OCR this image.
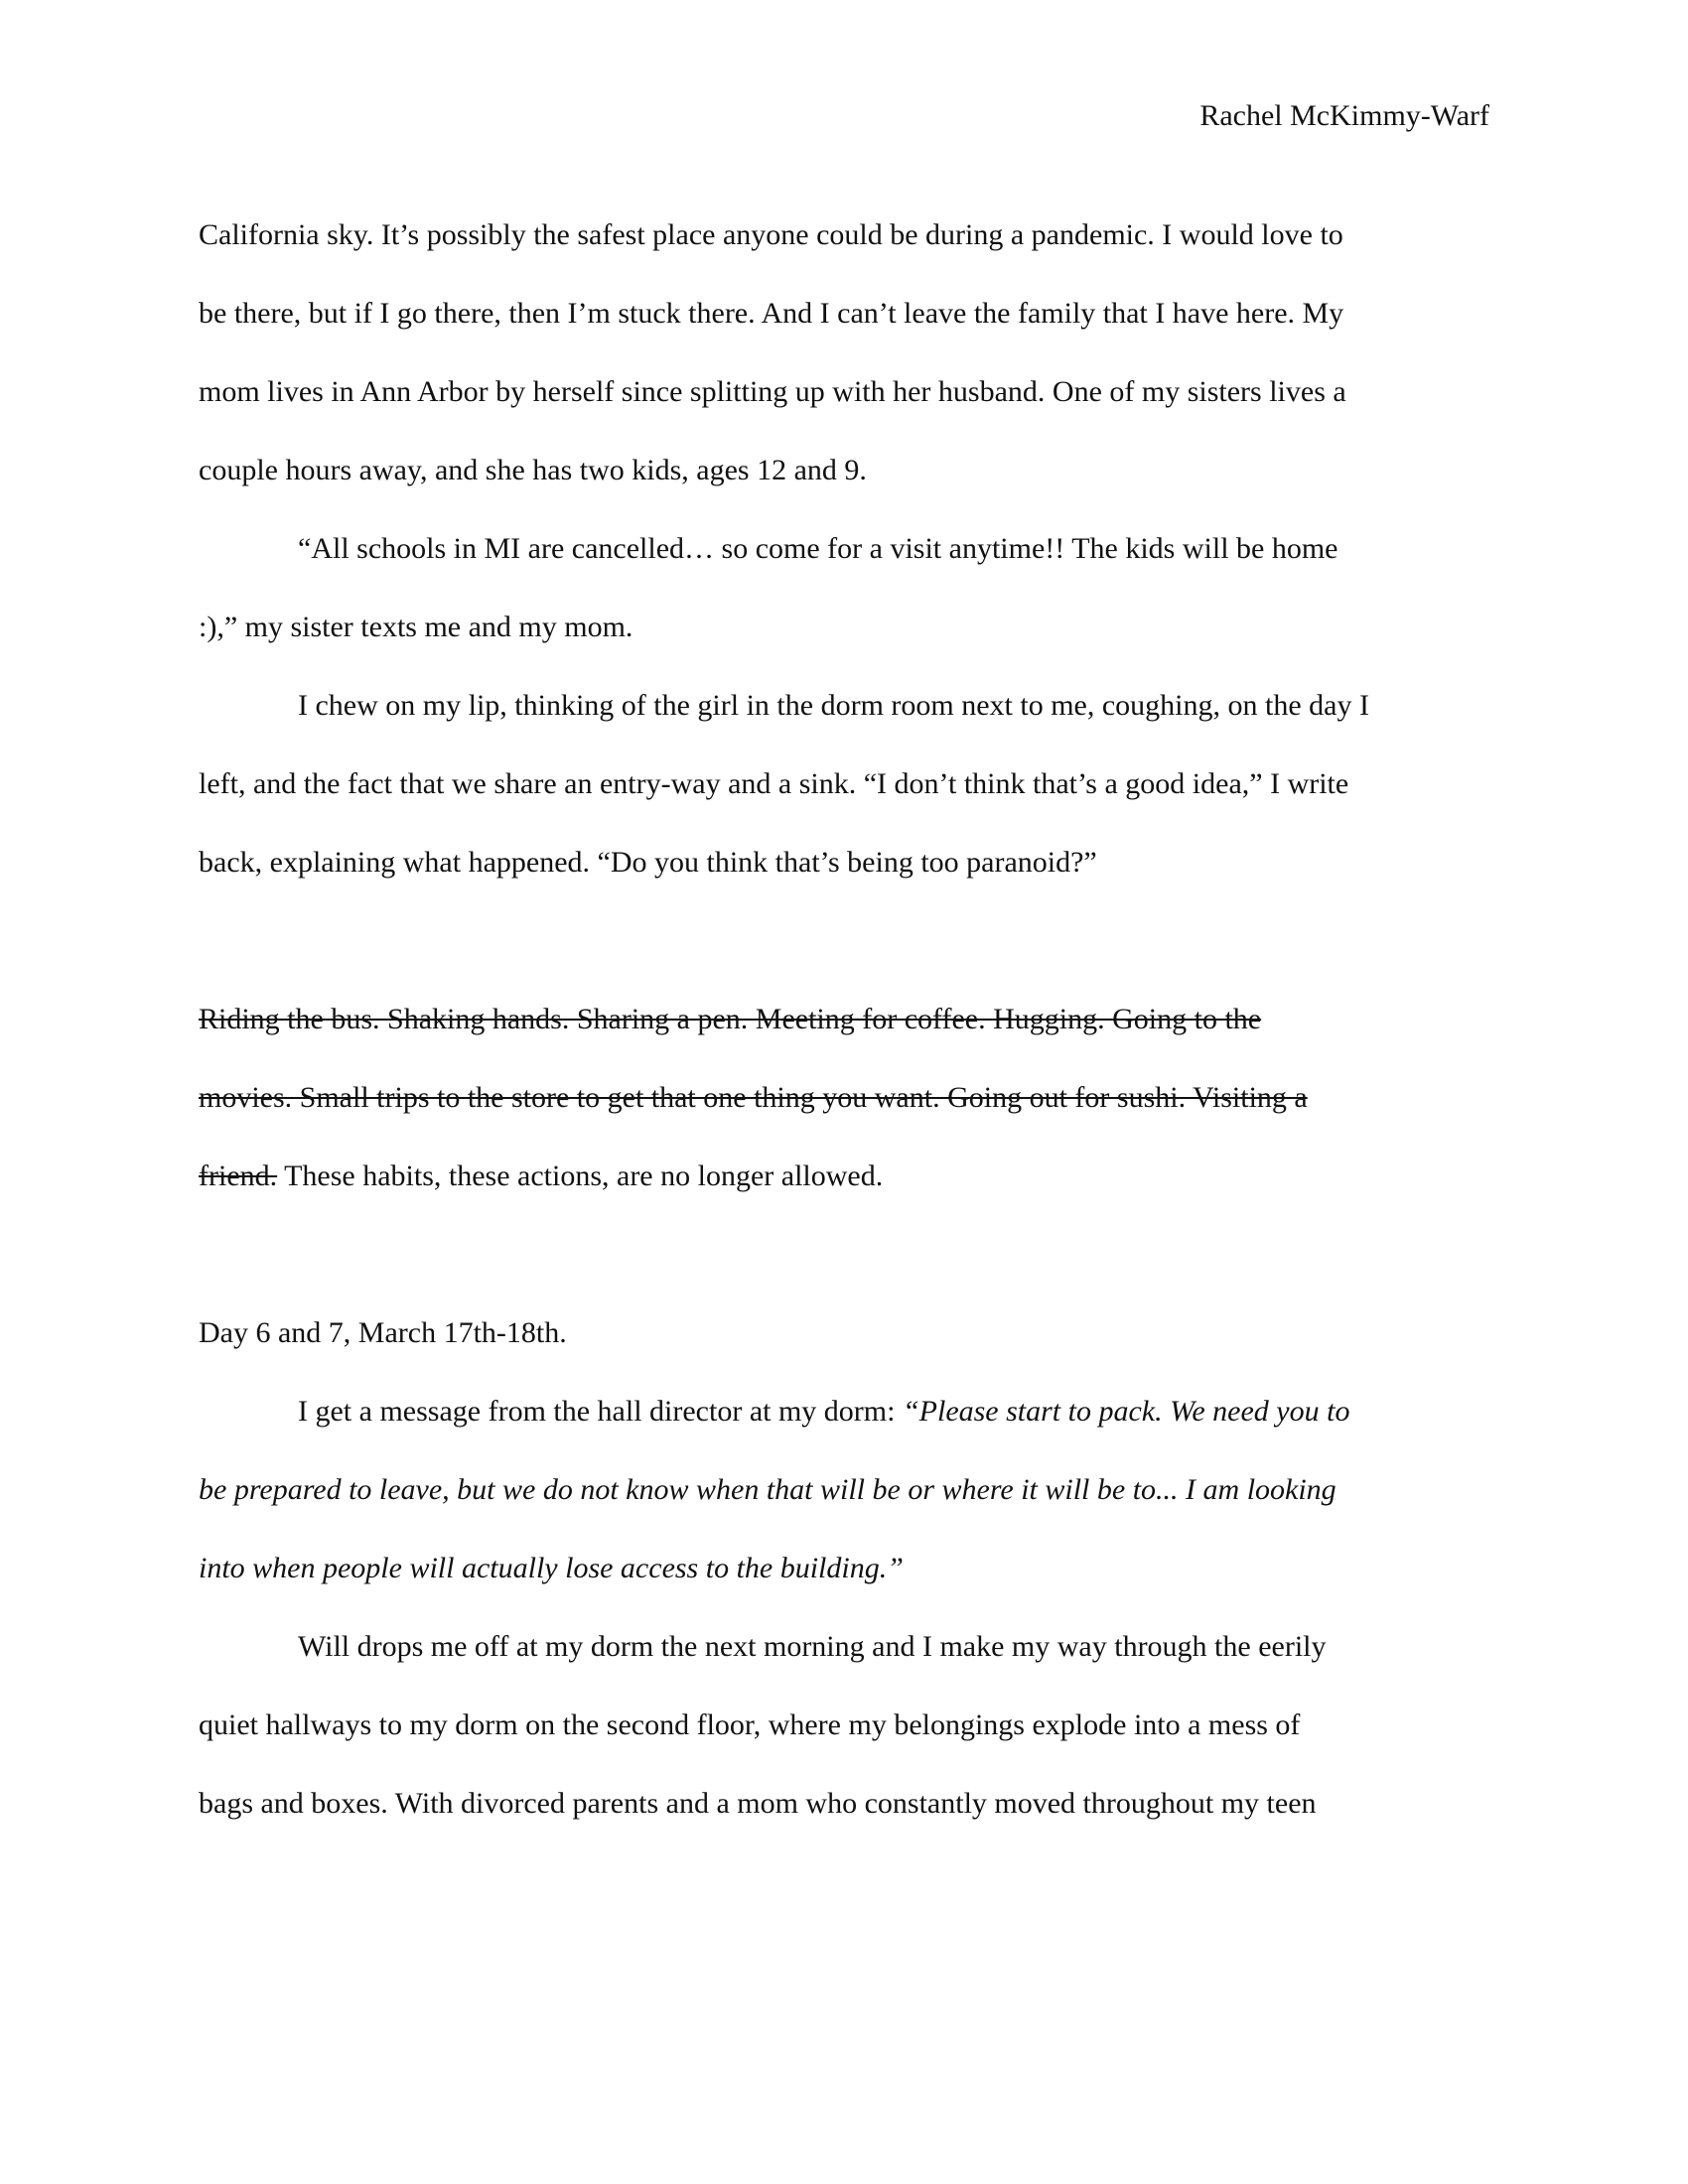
Rachel McKimmy-Warf
California sky. It’s possibly the safest place anyone could be during a pandemic. I would love to
be there, but if I go there, then I’m stuck there. And I can’t leave the family that I have here. My
mom lives in Ann Arbor by herself since splitting up with her husband. One of my sisters lives a
couple hours away, and she has two kids, ages 12 and 9.
“All schools in MI are cancelled… so come for a visit anytime!! The kids will be home
:),” my sister texts me and my mom.
I chew on my lip, thinking of the girl in the dorm room next to me, coughing, on the day I
left, and the fact that we share an entry-way and a sink. “I don’t think that’s a good idea,” I write
back, explaining what happened. “Do you think that’s being too paranoid?”
Riding the bus. Shaking hands. Sharing a pen. Meeting for coffee. Hugging. Going to the
movies. Small trips to the store to get that one thing you want. Going out for sushi. Visiting a
friend. These habits, these actions, are no longer allowed.
Day 6 and 7, March 17th-18th.
I get a message from the hall director at my dorm: “Please start to pack. We need you to
be prepared to leave, but we do not know when that will be or where it will be to... I am looking
into when people will actually lose access to the building.”
Will drops me off at my dorm the next morning and I make my way through the eerily
quiet hallways to my dorm on the second floor, where my belongings explode into a mess of
bags and boxes. With divorced parents and a mom who constantly moved throughout my teen
